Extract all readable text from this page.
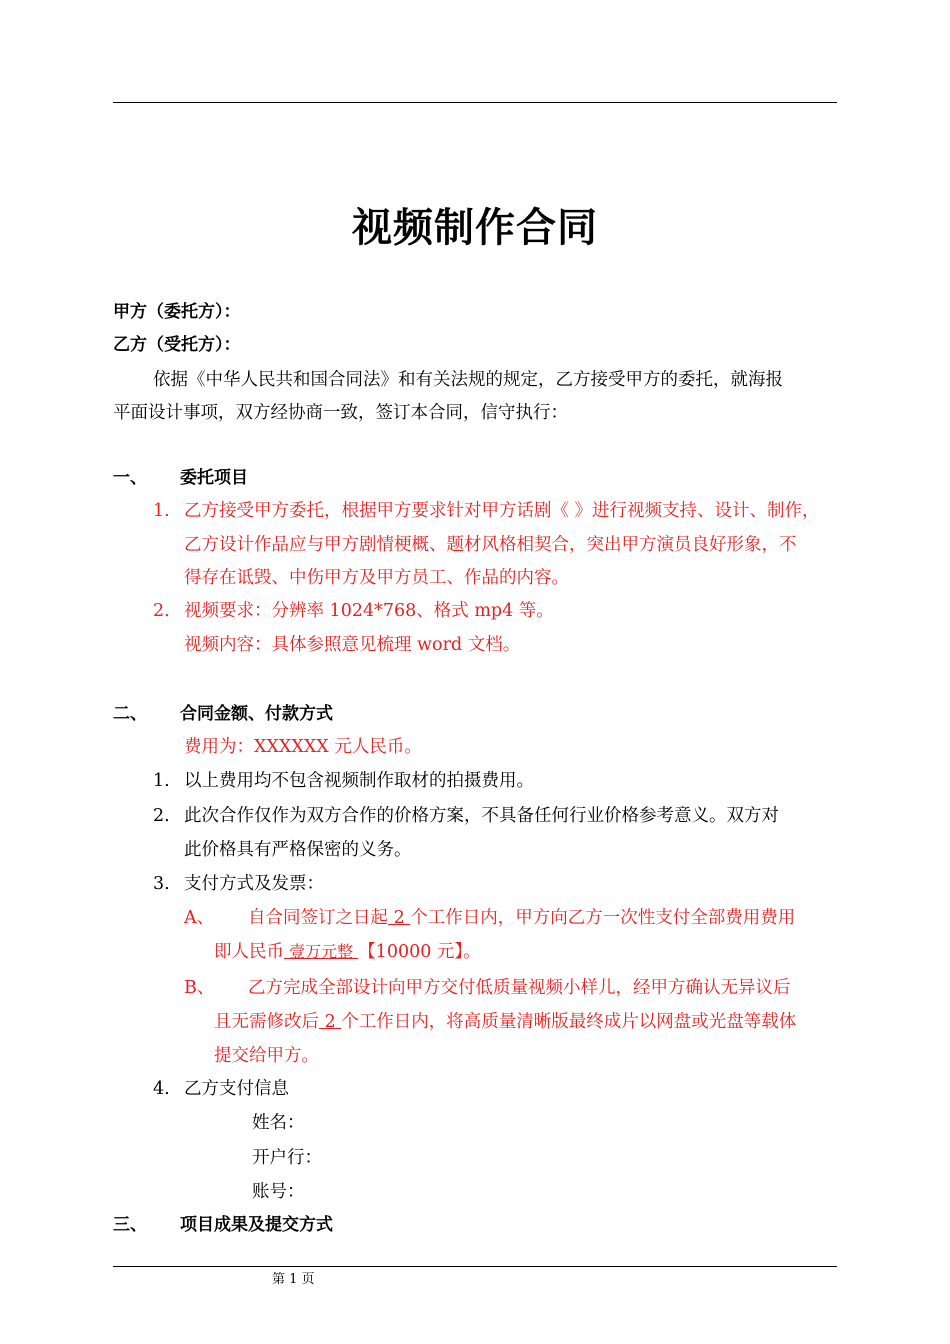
视频制作合同
甲方（委托方）：
乙方（受托方）：
依据《中华人民共和国合同法》和有关法规的规定，乙方接受甲方的委托，就海报
平面设计事项，双方经协商一致，签订本合同，信守执行：
一、 委托项目
1. 乙方接受甲方委托，根据甲方要求针对甲方话剧《 》进行视频支持、设计、制作，
乙方设计作品应与甲方剧情梗概、题材风格相契合，突出甲方演员良好形象，不
得存在诋毁、中伤甲方及甲方员工、作品的内容。
2. 视频要求：分辨率 1024*768、格式 mp4 等。
视频内容：具体参照意见梳理 word 文档。
二、 合同金额、付款方式
费用为：XXXXXX 元人民币。
1. 以上费用均不包含视频制作取材的拍摄费用。
2. 此次合作仅作为双方合作的价格方案，不具备任何行业价格参考意义。双方对
此价格具有严格保密的义务。
3. 支付方式及发票：
A、 自合同签订之日起 2 个工作日内，甲方向乙方一次性支付全部费用费用
即人民币 壹万元整 【10000 元】。
B、 乙方完成全部设计向甲方交付低质量视频小样儿，经甲方确认无异议后
且无需修改后 2 个工作日内，将高质量清晰版最终成片以网盘或光盘等载体
提交给甲方。
4. 乙方支付信息
姓名：
开户行：
账号：
三、 项目成果及提交方式
第 1 页
